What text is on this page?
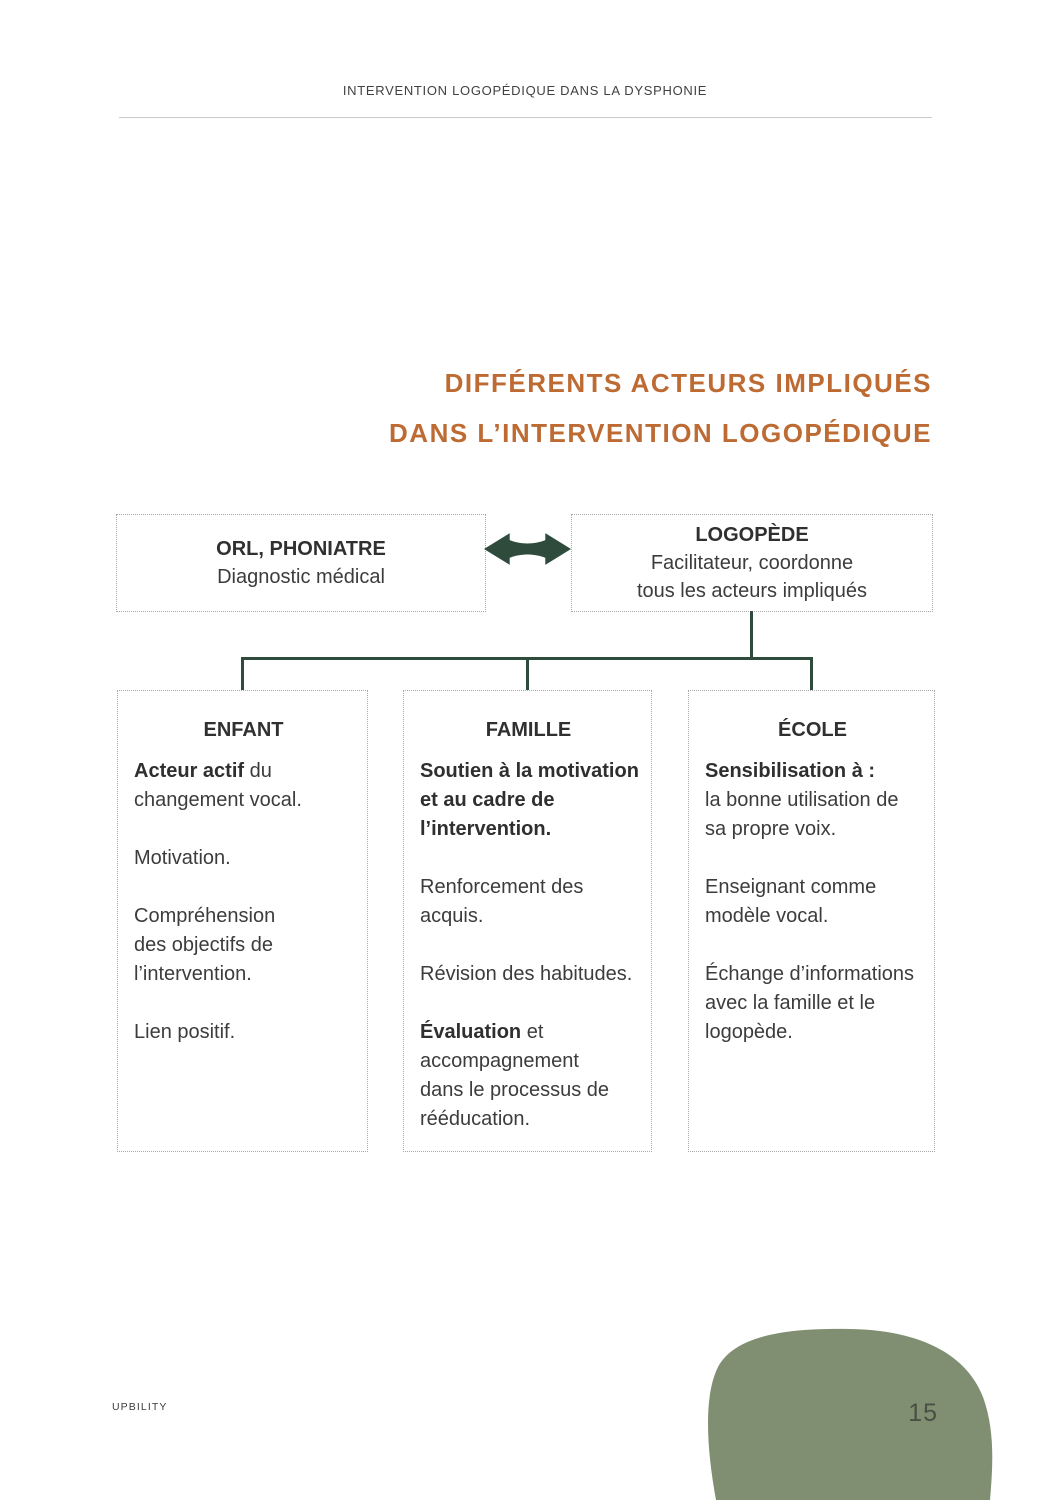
INTERVENTION LOGOPÉDIQUE DANS LA DYSPHONIE
DIFFÉRENTS ACTEURS IMPLIQUÉS
DANS L’INTERVENTION LOGOPÉDIQUE
ORL, PHONIATRE
Diagnostic médical
LOGOPÈDE
Facilitateur, coordonne
tous les acteurs impliqués
ENFANT
Acteur actif du
changement vocal.
Motivation.
Compréhension
des objectifs de
l’intervention.
Lien positif.
FAMILLE
Soutien à la motivation
et au cadre de
l’intervention.
Renforcement des
acquis.
Révision des habitudes.
Évaluation et
accompagnement
dans le processus de
rééducation.
ÉCOLE
Sensibilisation à :
la bonne utilisation de
sa propre voix.
Enseignant comme
modèle vocal.
Échange d’informations
avec la famille et le
logopède.
UPBILITY	15
